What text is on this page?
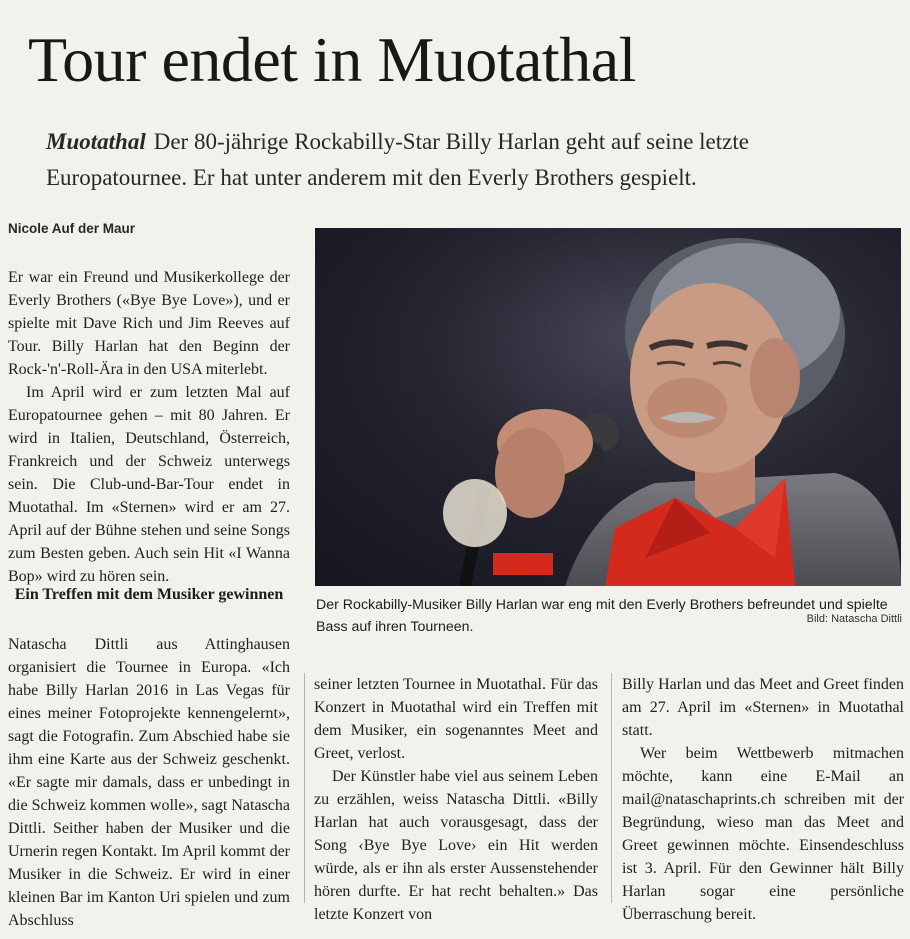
Tour endet in Muotathal
Muotathal Der 80-jährige Rockabilly-Star Billy Harlan geht auf seine letzte Europatournee. Er hat unter anderem mit den Everly Brothers gespielt.
Nicole Auf der Maur

Er war ein Freund und Musikerkollege der Everly Brothers («Bye Bye Love»), und er spielte mit Dave Rich und Jim Reeves auf Tour. Billy Harlan hat den Beginn der Rock-'n'-Roll-Ära in den USA miterlebt.

Im April wird er zum letzten Mal auf Europatournee gehen – mit 80 Jahren. Er wird in Italien, Deutschland, Österreich, Frankreich und der Schweiz unterwegs sein. Die Club-und-Bar-Tour endet in Muotathal. Im «Sternen» wird er am 27. April auf der Bühne stehen und seine Songs zum Besten geben. Auch sein Hit «I Wanna Bop» wird zu hören sein.

Ein Treffen mit dem Musiker gewinnen

Natascha Dittli aus Attinghausen organisiert die Tournee in Europa. «Ich habe Billy Harlan 2016 in Las Vegas für eines meiner Fotoprojekte kennengelernt», sagt die Fotografin. Zum Abschied habe sie ihm eine Karte aus der Schweiz geschenkt. «Er sagte mir damals, dass er unbedingt in die Schweiz kommen wolle», sagt Natascha Dittli. Seither haben der Musiker und die Urnerin regen Kontakt. Im April kommt der Musiker in die Schweiz. Er wird in einer kleinen Bar im Kanton Uri spielen und zum Abschluss

Der Rockabilly-Musiker Billy Harlan war eng mit den Everly Brothers befreundet und spielte Bass auf ihren Tourneen.	Bild: Natascha Dittli

seiner letzten Tournee in Muotathal. Für das Konzert in Muotathal wird ein Treffen mit dem Musiker, ein sogenanntes Meet and Greet, verlost.

Der Künstler habe viel aus seinem Leben zu erzählen, weiss Natascha Dittli. «Billy Harlan hat auch vorausgesagt, dass der Song ‹Bye Bye Love› ein Hit werden würde, als er ihn als erster Aussenstehender hören durfte. Er hat recht behalten.» Das letzte Konzert von

Billy Harlan und das Meet and Greet finden am 27. April im «Sternen» in Muotathal statt.

Wer beim Wettbewerb mitmachen möchte, kann eine E-Mail an mail@nataschaprints.ch schreiben mit der Begründung, wieso man das Meet and Greet gewinnen möchte. Einsendeschluss ist 3. April. Für den Gewinner hält Billy Harlan sogar eine persönliche Überraschung bereit.
